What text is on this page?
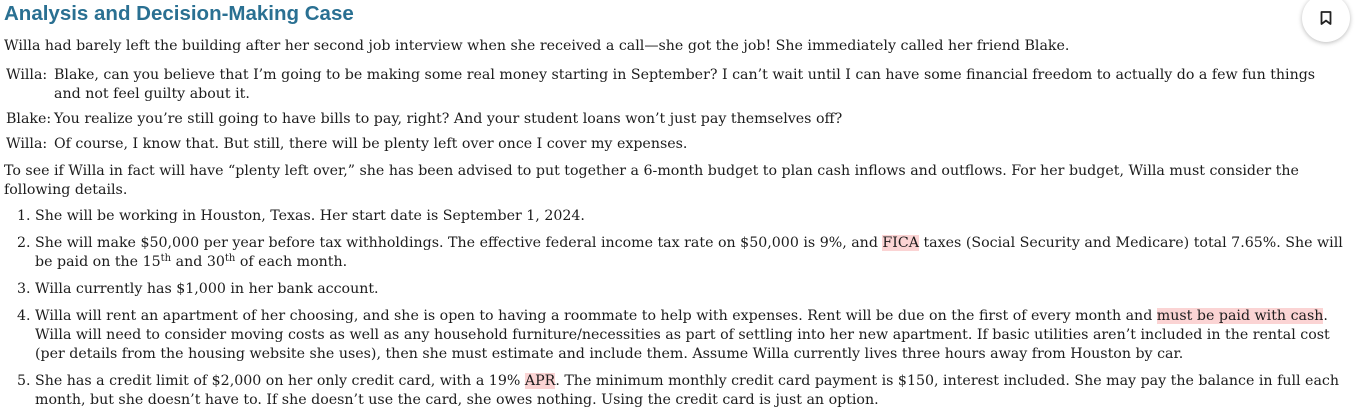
Analysis and Decision-Making Case

Willa had barely left the building after her second job interview when she received a call—she got the job! She immediately called her friend Blake.

Willa: Blake, can you believe that I’m going to be making some real money starting in September? I can’t wait until I can have some financial freedom to actually do a few fun things and not feel guilty about it.
Blake: You realize you’re still going to have bills to pay, right? And your student loans won’t just pay themselves off?
Willa: Of course, I know that. But still, there will be plenty left over once I cover my expenses.

To see if Willa in fact will have “plenty left over,” she has been advised to put together a 6-month budget to plan cash inflows and outflows. For her budget, Willa must consider the following details.

1. She will be working in Houston, Texas. Her start date is September 1, 2024.
2. She will make $50,000 per year before tax withholdings. The effective federal income tax rate on $50,000 is 9%, and FICA taxes (Social Security and Medicare) total 7.65%. She will be paid on the 15th and 30th of each month.
3. Willa currently has $1,000 in her bank account.
4. Willa will rent an apartment of her choosing, and she is open to having a roommate to help with expenses. Rent will be due on the first of every month and must be paid with cash. Willa will need to consider moving costs as well as any household furniture/necessities as part of settling into her new apartment. If basic utilities aren’t included in the rental cost (per details from the housing website she uses), then she must estimate and include them. Assume Willa currently lives three hours away from Houston by car.
5. She has a credit limit of $2,000 on her only credit card, with a 19% APR. The minimum monthly credit card payment is $150, interest included. She may pay the balance in full each month, but she doesn’t have to. If she doesn’t use the card, she owes nothing. Using the credit card is just an option.
